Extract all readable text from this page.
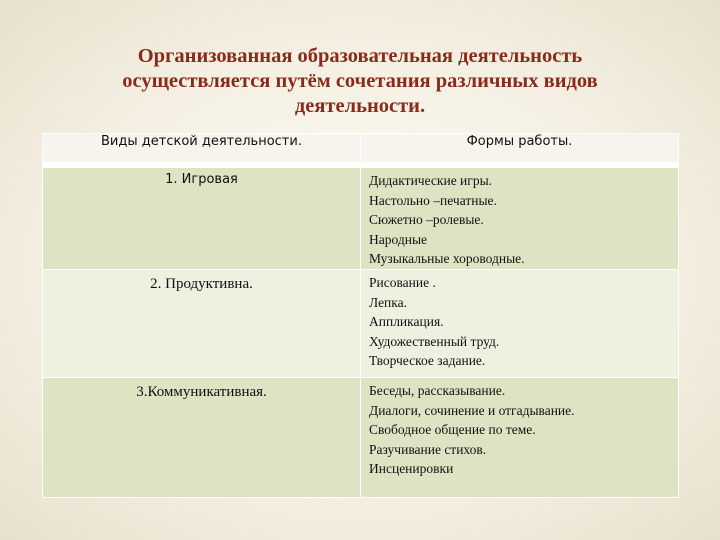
Организованная образовательная деятельность
осуществляется путём сочетания различных видов
деятельности.
Виды детской деятельности.	Формы работы.

1. Игровая	Дидактические игры.
Настольно –печатные.
Сюжетно –ролевые.
Народные
Музыкальные хороводные.

2. Продуктивна.	Рисование .
Лепка.
Аппликация.
Художественный труд.
Творческое задание.

3.Коммуникативная.	Беседы, рассказывание.
Диалоги, сочинение и отгадывание.
Свободное общение по теме.
Разучивание стихов.
Инсценировки
